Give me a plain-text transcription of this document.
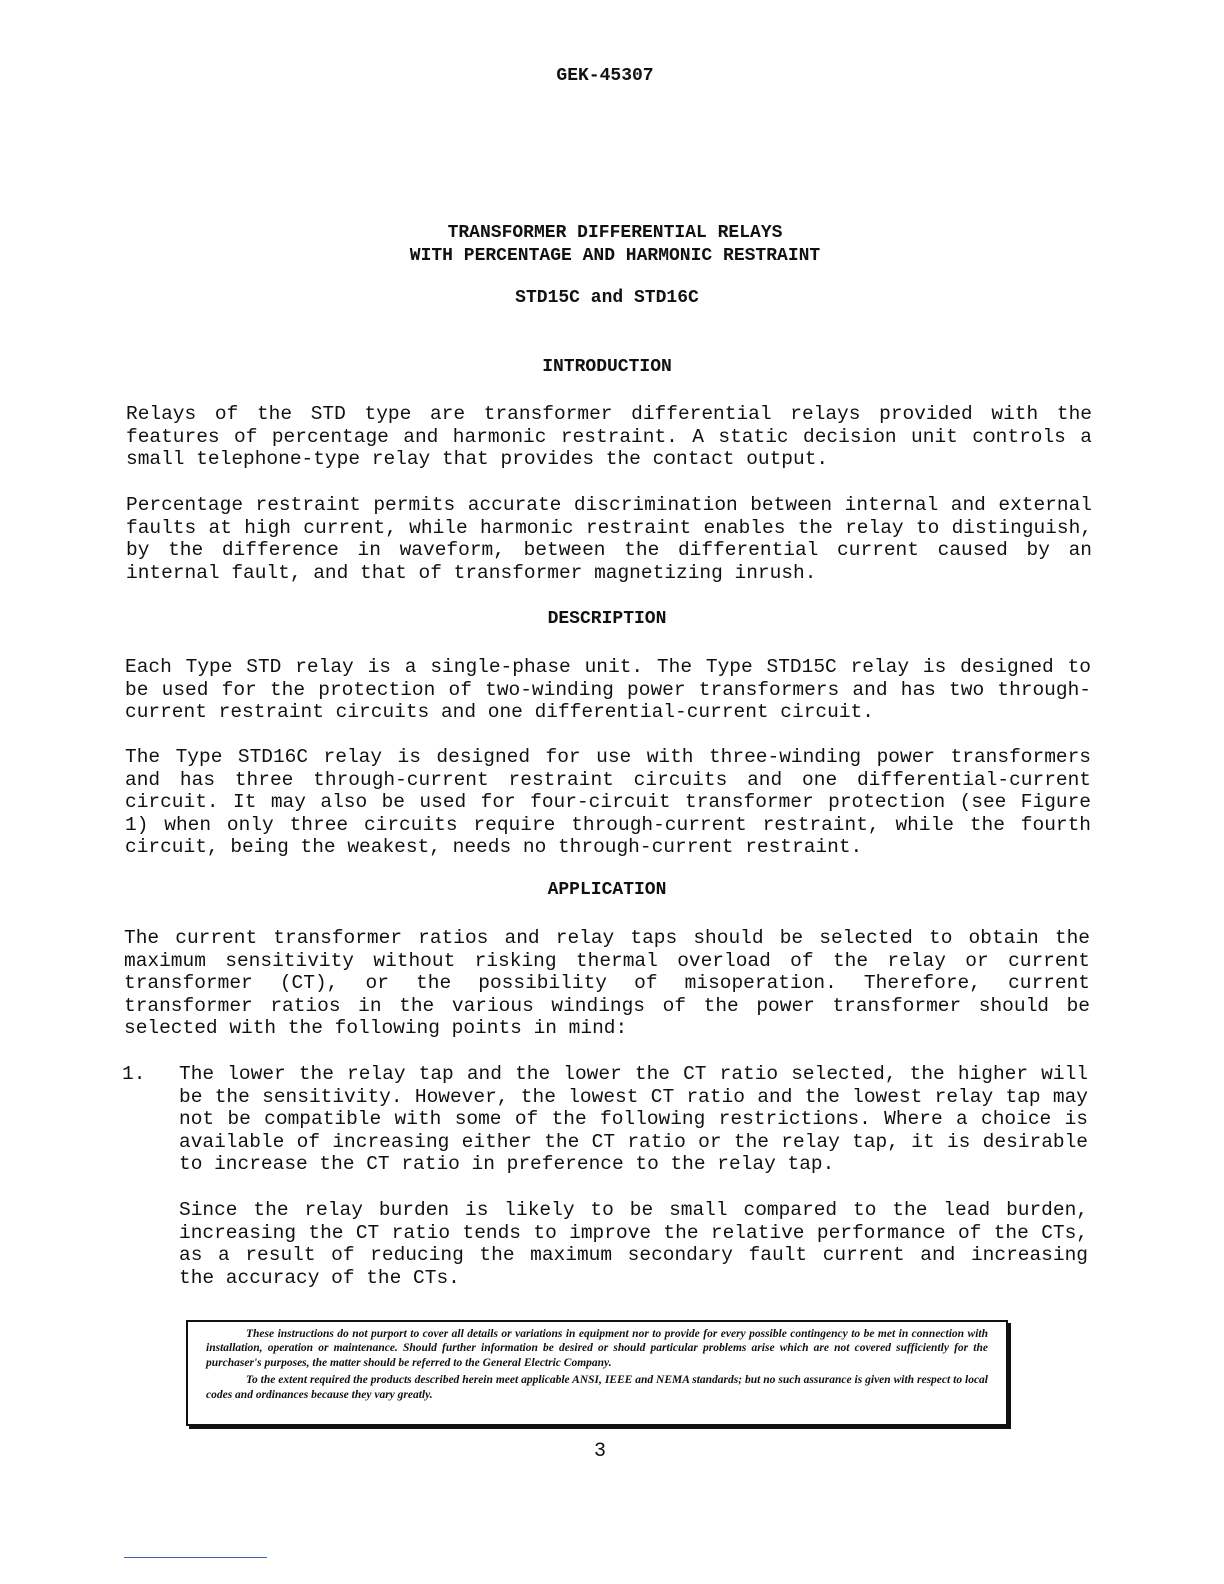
GEK-45307
TRANSFORMER DIFFERENTIAL RELAYS
WITH PERCENTAGE AND HARMONIC RESTRAINT
STD15C and STD16C
INTRODUCTION

Relays of the STD type are transformer differential relays provided with the features of percentage and harmonic restraint. A static decision unit controls a small telephone-type relay that provides the contact output.

Percentage restraint permits accurate discrimination between internal and external faults at high current, while harmonic restraint enables the relay to distinguish, by the difference in waveform, between the differential current caused by an internal fault, and that of transformer magnetizing inrush.

DESCRIPTION

Each Type STD relay is a single-phase unit. The Type STD15C relay is designed to be used for the protection of two-winding power transformers and has two through-current restraint circuits and one differential-current circuit.

The Type STD16C relay is designed for use with three-winding power transformers and has three through-current restraint circuits and one differential-current circuit. It may also be used for four-circuit transformer protection (see Figure 1) when only three circuits require through-current restraint, while the fourth circuit, being the weakest, needs no through-current restraint.

APPLICATION

The current transformer ratios and relay taps should be selected to obtain the maximum sensitivity without risking thermal overload of the relay or current transformer (CT), or the possibility of misoperation. Therefore, current transformer ratios in the various windings of the power transformer should be selected with the following points in mind:

1. The lower the relay tap and the lower the CT ratio selected, the higher will be the sensitivity. However, the lowest CT ratio and the lowest relay tap may not be compatible with some of the following restrictions. Where a choice is available of increasing either the CT ratio or the relay tap, it is desirable to increase the CT ratio in preference to the relay tap.

Since the relay burden is likely to be small compared to the lead burden, increasing the CT ratio tends to improve the relative performance of the CTs, as a result of reducing the maximum secondary fault current and increasing the accuracy of the CTs.

These instructions do not purport to cover all details or variations in equipment nor to provide for every possible contingency to be met in connection with installation, operation or maintenance. Should further information be desired or should particular problems arise which are not covered sufficiently for the purchaser's purposes, the matter should be referred to the General Electric Company.

To the extent required the products described herein meet applicable ANSI, IEEE and NEMA standards; but no such assurance is given with respect to local codes and ordinances because they vary greatly.

3
